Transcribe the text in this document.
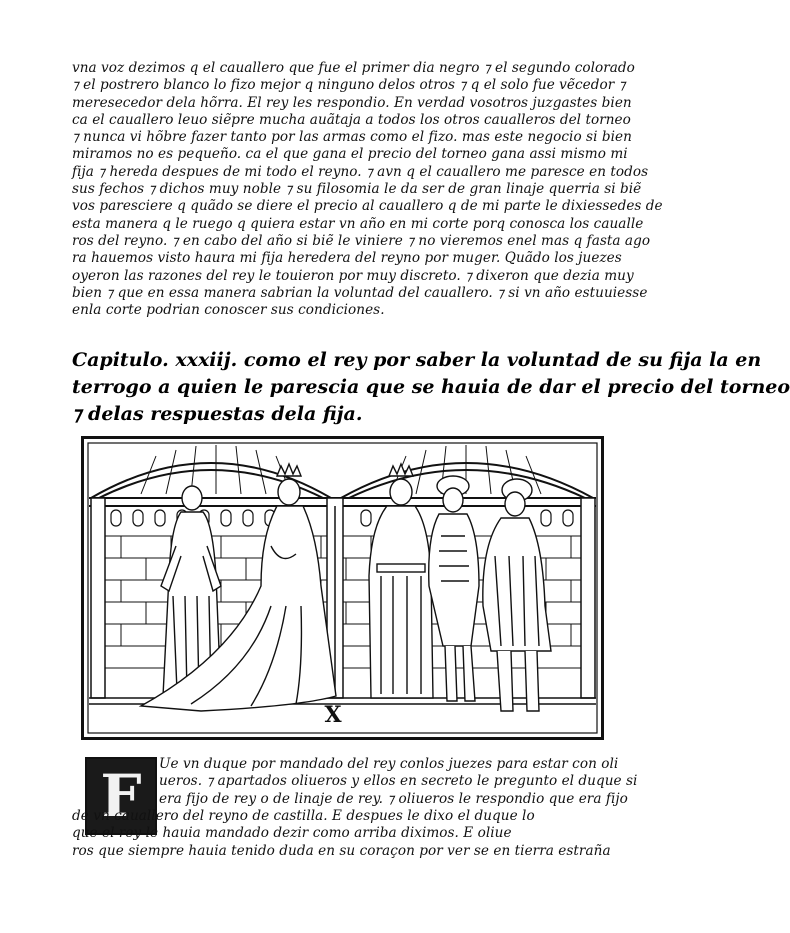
vna voz dezimos q el cauallero que fue el primer dia negro ⁊ el segundo colorado
⁊ el postrero blanco lo fizo mejor q ninguno delos otros ⁊ q el solo fue vẽcedor ⁊
meresecedor dela hõrra. El rey les respondio. En verdad vosotros juzgastes bien
ca el cauallero leuo siẽpre mucha auãtaja a todos los otros caualleros del torneo
⁊ nunca vi hõbre fazer tanto por las armas como el fizo. mas este negocio si bien
miramos no es pequeño. ca el que gana el precio del torneo gana assi mismo mi
fija ⁊ hereda despues de mi todo el reyno. ⁊ avn q el cauallero me paresce en todos
sus fechos ⁊ dichos muy noble ⁊ su filosomia le da ser de gran linaje querria si biẽ
vos paresciere q quãdo se diere el precio al cauallero q de mi parte le dixiessedes de
esta manera q le ruego q quiera estar vn año en mi corte porq conosca los caualle
ros del reyno. ⁊ en cabo del año si biẽ le viniere ⁊ no vieremos enel mas q fasta ago
ra hauemos visto haura mi fija heredera del reyno por muger. Quãdo los juezes
oyeron las razones del rey le touieron por muy discreto. ⁊ dixeron que dezia muy
bien ⁊ que en essa manera sabrian la voluntad del cauallero. ⁊ si vn año estuuiesse
enla corte podrian conoscer sus condiciones.
Capitulo. xxxiij. como el rey por saber la voluntad de su fija la en
terrogo a quien le parescia que se hauia de dar el precio del torneo
⁊ delas respuestas dela fija.
X
F	Ue vn duque por mandado del rey conlos juezes para estar con oli
ueros. ⁊ apartados oliueros y ellos en secreto le pregunto el duque si
era fijo de rey o de linaje de rey. ⁊ oliueros le respondio que era fijo
de vn cauallero del reyno de castilla. E despues le dixo el duque lo
que el rey le hauia mandado dezir como arriba diximos. E oliue
ros que siempre hauia tenido duda en su coraçon por ver se en tierra estraña
